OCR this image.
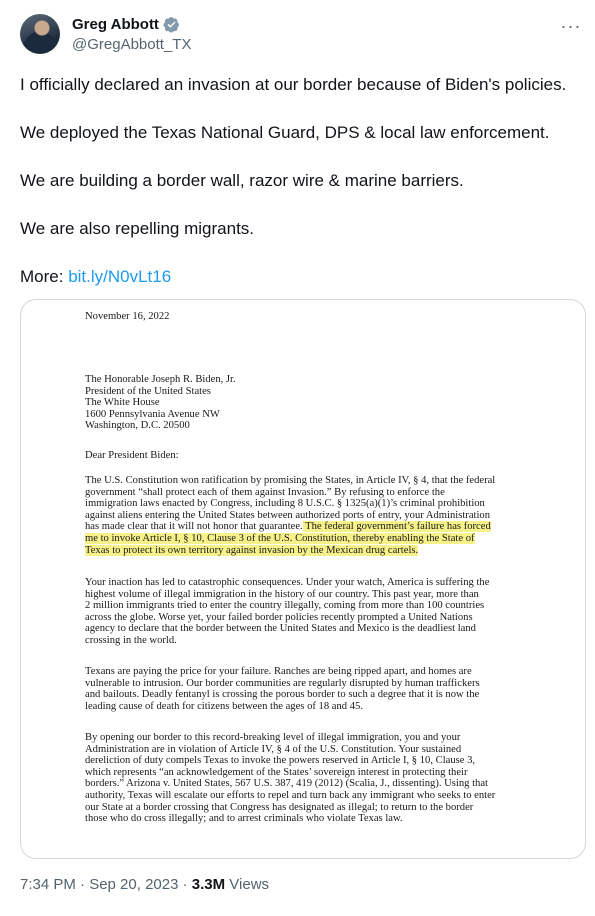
Greg Abbott
@GregAbbott_TX
···

I officially declared an invasion at our border because of Biden's policies.

We deployed the Texas National Guard, DPS & local law enforcement.

We are building a border wall, razor wire & marine barriers.

We are also repelling migrants.

More: bit.ly/N0vLt16

November 16, 2022
The Honorable Joseph R. Biden, Jr.
President of the United States
The White House
1600 Pennsylvania Avenue NW
Washington, D.C. 20500
Dear President Biden:
The U.S. Constitution won ratification by promising the States, in Article IV, § 4, that the federal
government “shall protect each of them against Invasion.” By refusing to enforce the
immigration laws enacted by Congress, including 8 U.S.C. § 1325(a)(1)’s criminal prohibition
against aliens entering the United States between authorized ports of entry, your Administration
has made clear that it will not honor that guarantee. The federal government’s failure has forced
me to invoke Article I, § 10, Clause 3 of the U.S. Constitution, thereby enabling the State of
Texas to protect its own territory against invasion by the Mexican drug cartels.
Your inaction has led to catastrophic consequences. Under your watch, America is suffering the
highest volume of illegal immigration in the history of our country. This past year, more than
2 million immigrants tried to enter the country illegally, coming from more than 100 countries
across the globe. Worse yet, your failed border policies recently prompted a United Nations
agency to declare that the border between the United States and Mexico is the deadliest land
crossing in the world.
Texans are paying the price for your failure. Ranches are being ripped apart, and homes are
vulnerable to intrusion. Our border communities are regularly disrupted by human traffickers
and bailouts. Deadly fentanyl is crossing the porous border to such a degree that it is now the
leading cause of death for citizens between the ages of 18 and 45.
By opening our border to this record-breaking level of illegal immigration, you and your
Administration are in violation of Article IV, § 4 of the U.S. Constitution. Your sustained
dereliction of duty compels Texas to invoke the powers reserved in Article I, § 10, Clause 3,
which represents “an acknowledgement of the States’ sovereign interest in protecting their
borders.” Arizona v. United States, 567 U.S. 387, 419 (2012) (Scalia, J., dissenting). Using that
authority, Texas will escalate our efforts to repel and turn back any immigrant who seeks to enter
our State at a border crossing that Congress has designated as illegal; to return to the border
those who do cross illegally; and to arrest criminals who violate Texas law.
7:34 PM · Sep 20, 2023 · 3.3M Views
